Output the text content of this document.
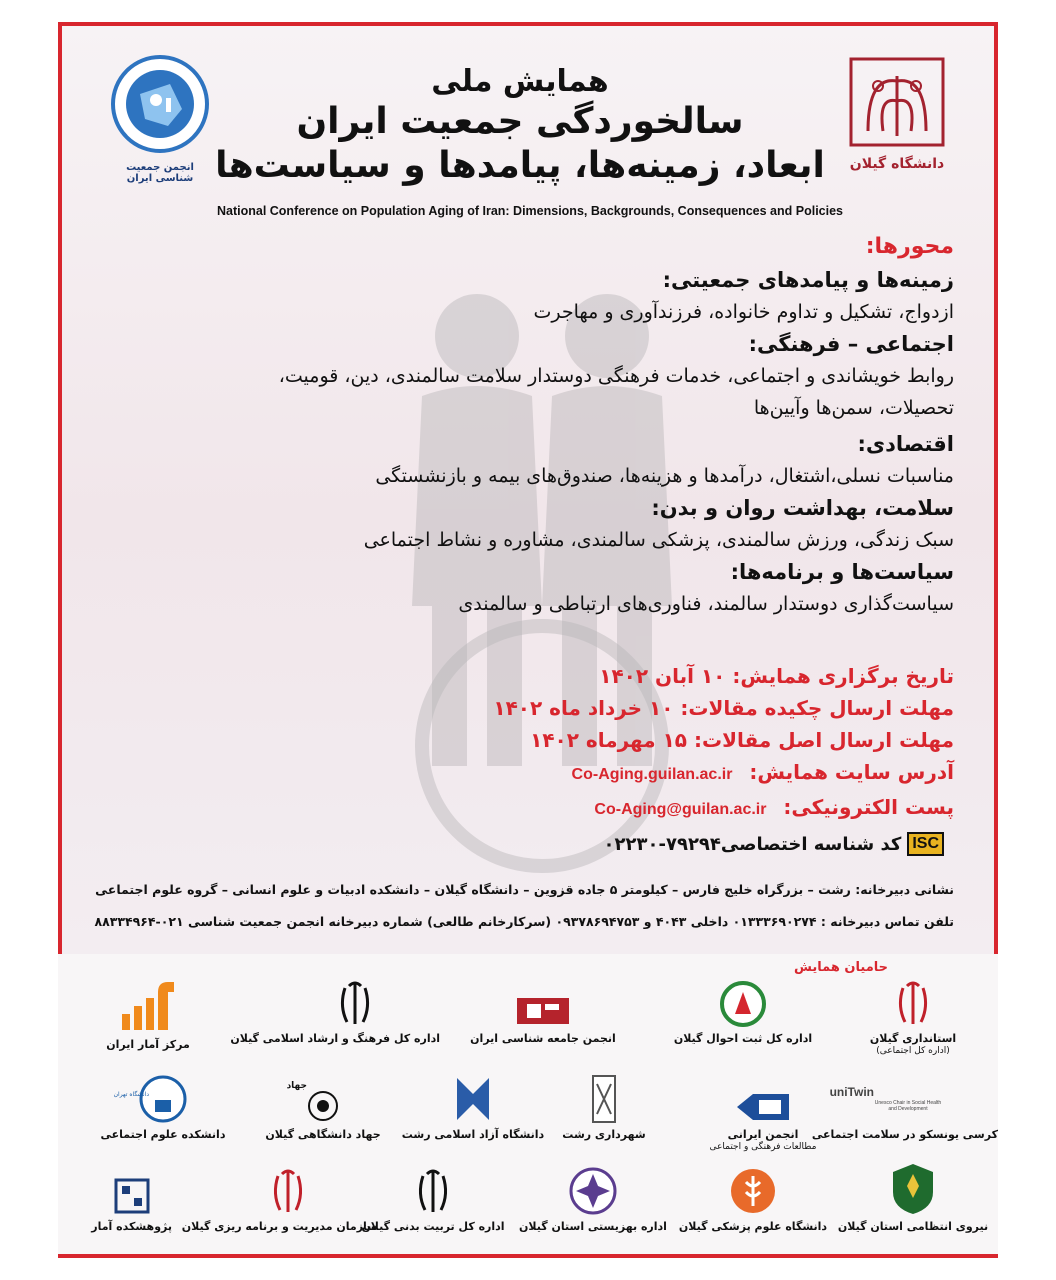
انجمن جمعیت شناسی ایران
دانشگاه گیلان
همایش ملی
سالخوردگی جمعیت ایران
ابعاد، زمینه‌ها، پیامدها و سیاست‌ها
National Conference on Population Aging of Iran: Dimensions, Backgrounds, Consequences and Policies
محورها:
زمینه‌ها و پیامدهای جمعیتی:
ازدواج، تشکیل و تداوم خانواده، فرزندآوری و مهاجرت
اجتماعی – فرهنگی:
روابط خویشاندی و اجتماعی، خدمات فرهنگی دوستدار سلامت سالمندی، دین، قومیت، تحصیلات، سمن‌ها وآیین‌ها
اقتصادی:
مناسبات نسلی،اشتغال، درآمدها و هزینه‌ها، صندوق‌های بیمه و بازنشستگی
سلامت، بهداشت روان و بدن:
سبک زندگی، ورزش سالمندی، پزشکی سالمندی، مشاوره و نشاط اجتماعی
سیاست‌ها و برنامه‌ها:
سیاست‌گذاری دوستدار سالمند، فناوری‌های ارتباطی و سالمندی
تاریخ برگزاری همایش: ۱۰ آبان ۱۴۰۲
مهلت ارسال چکیده مقالات: ۱۰ خرداد ماه ۱۴۰۲
مهلت ارسال اصل مقالات: ۱۵ مهرماه ۱۴۰۲
آدرس سایت همایش: Co-Aging.guilan.ac.ir
پست الکترونیکی: Co-Aging@guilan.ac.ir
ISC
کد شناسه اختصاصی۷۹۲۹۴-۰۲۲۳۰
نشانی دبیرخانه: رشت – بزرگراه خلیج فارس – کیلومتر ۵ جاده قزوین – دانشگاه گیلان – دانشکده ادبیات و علوم انسانی – گروه علوم اجتماعی
تلفن تماس دبیرخانه : ۰۱۳۳۳۶۹۰۲۷۴ داخلی ۴۰۴۳ و ۰۹۳۷۸۶۹۴۷۵۳ (سرکارخانم طالعی) شماره دبیرخانه انجمن جمعیت شناسی ۰۲۱-۸۸۳۳۴۹۶۴
حامیان همایش
استانداری گیلان
(اداره کل اجتماعی)
اداره کل ثبت احوال گیلان
انجمن جامعه شناسی ایران
اداره کل فرهنگ و ارشاد اسلامی گیلان
مرکز آمار ایران
uniTwin
Unesco Chair in Social Health and Development
کرسی یونسکو در سلامت اجتماعی
انجمن ایرانی
مطالعات فرهنگی و اجتماعی
شهرداری رشت
دانشگاه آزاد اسلامی رشت
جهاد
جهاد دانشگاهی گیلان
دانشگاه تهران
دانشکده علوم اجتماعی
نیروی انتظامی استان گیلان
دانشگاه علوم پزشکی گیلان
اداره بهزیستی استان گیلان
اداره کل تربیت بدنی گیلان
سازمان مدیریت و برنامه ریزی گیلان
پژوهشکده آمار
